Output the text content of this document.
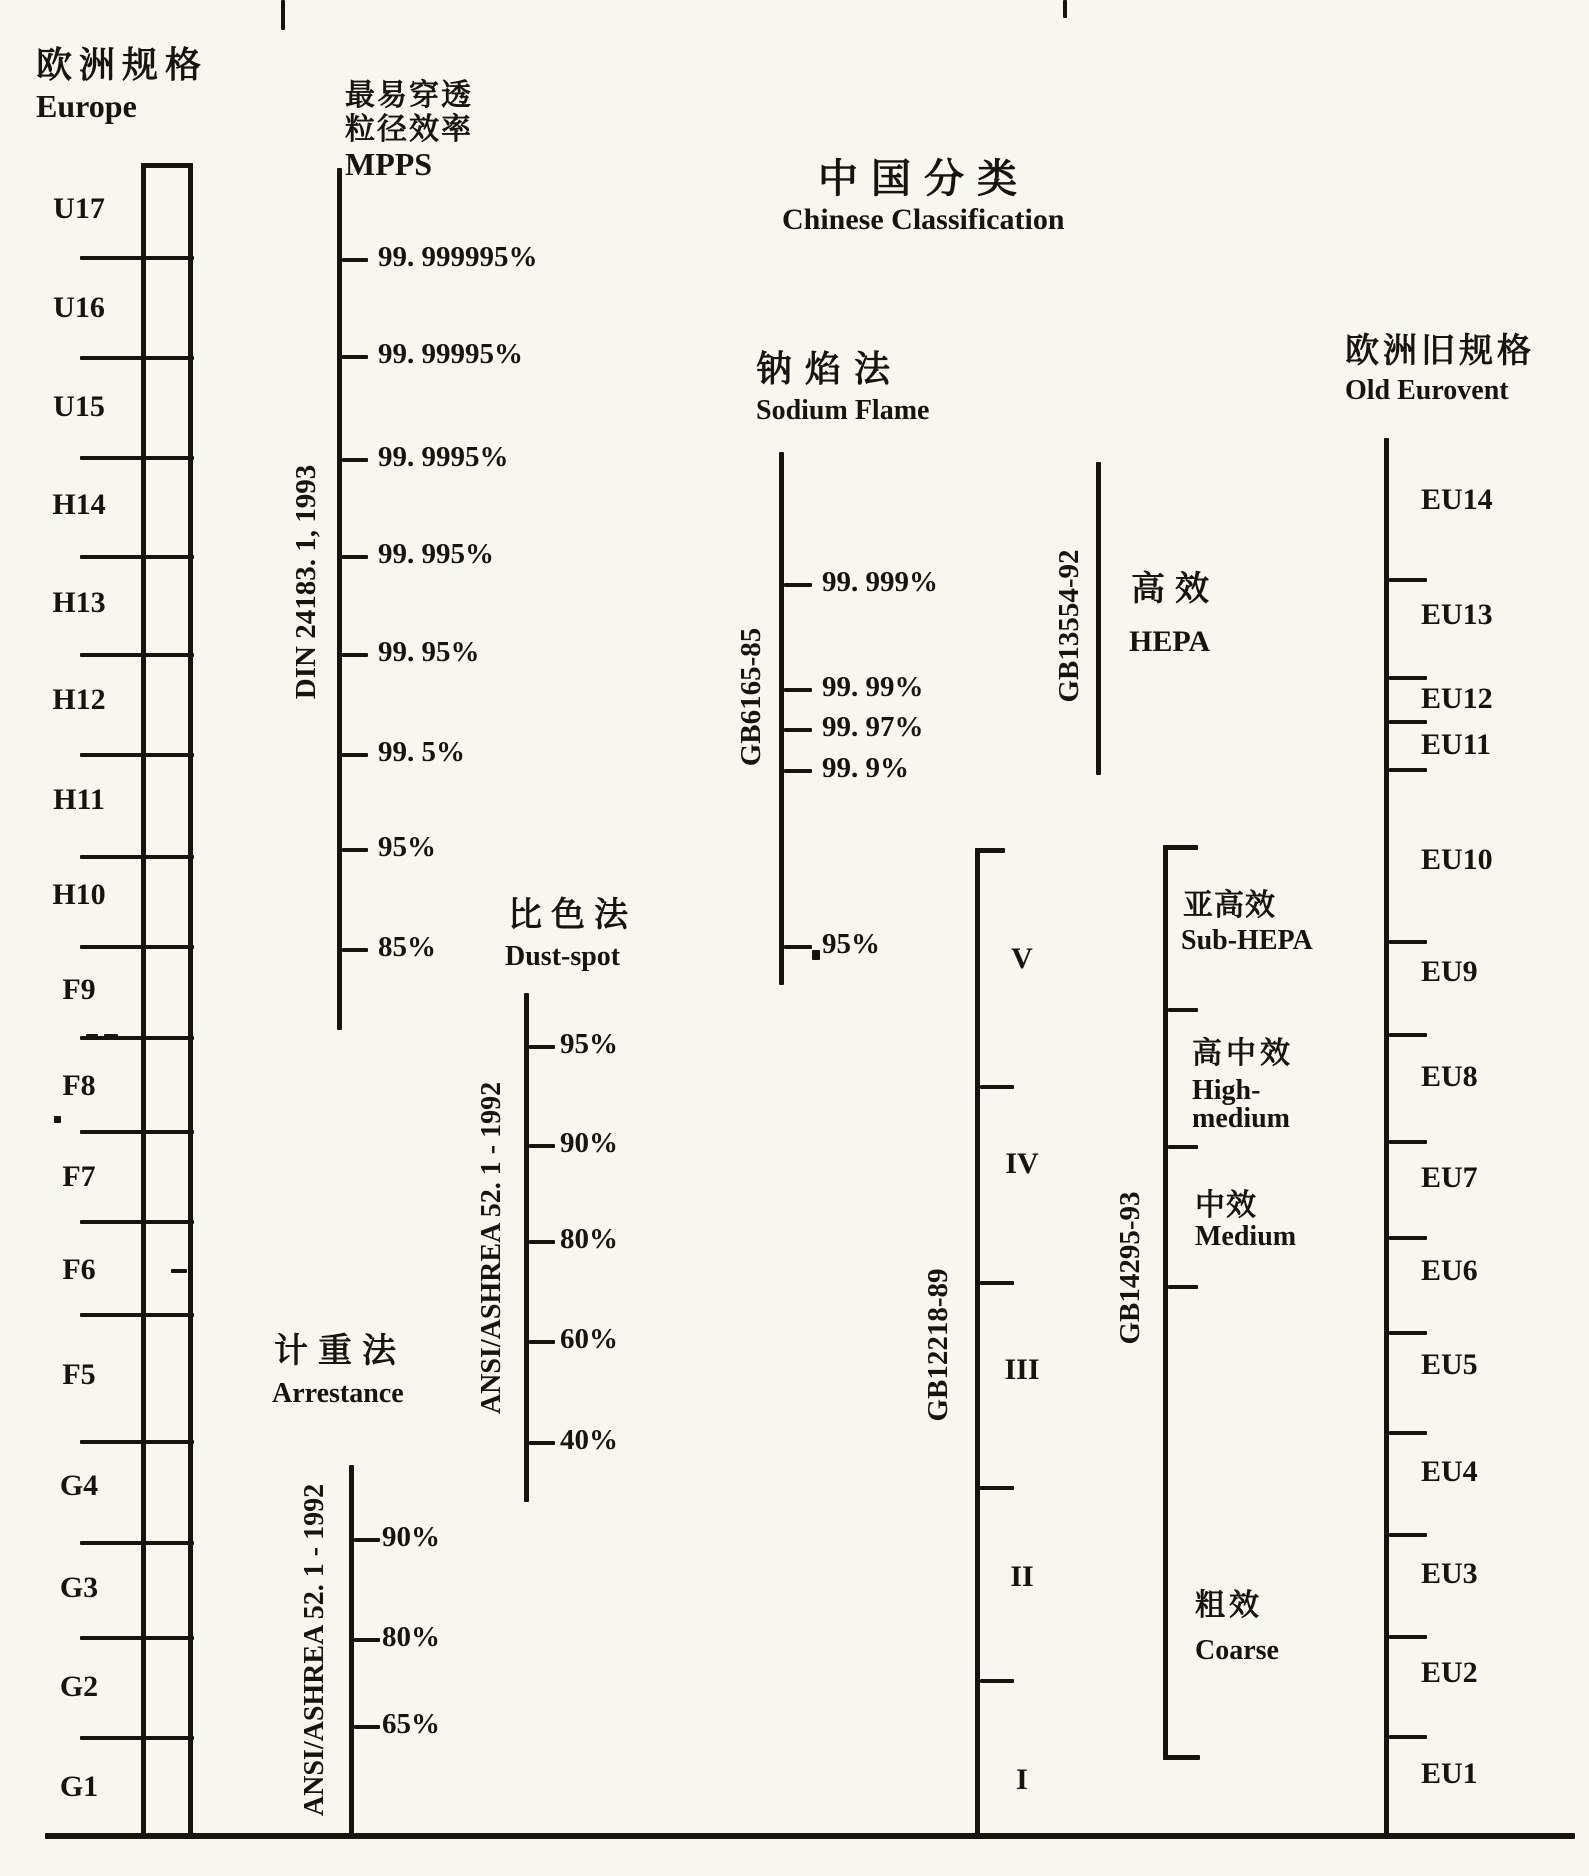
欧洲规格
Europe	最易穿透
粒径效率
MPPS	中国分类
Chinese Classification
钠焰法
Sodium Flame
欧洲旧规格
Old Eurovent
比色法
Dust-spot
计重法
Arrestance
高效
HEPA
亚高效
Sub-HEPA
高中效
High-
medium
中效
Medium
粗效
Coarse
DIN 24183. 1, 1993	GB6165-85
ANSI/ASHREA 52. 1 - 1992
ANSI/ASHREA 52. 1 - 1992
GB12218-89
GB14295-93
GB13554-92
U17
U16
U15
H14
H13
H12
H11
H10
F9
F8
F7
F6
F5
G4
G3
G2
G1
99. 999995%
99. 99995%
99. 9995%
99. 995%
99. 95%
99. 5%
95%
85%
95%
90%
80%
60%
40%
90%
80%
65%
99. 999%
99. 99%
99. 97%
99. 9%
95%	V
IV
III
II
I
EU14
EU13
EU12
EU11
EU10
EU9
EU8
EU7
EU6
EU5
EU4
EU3
EU2
EU1
